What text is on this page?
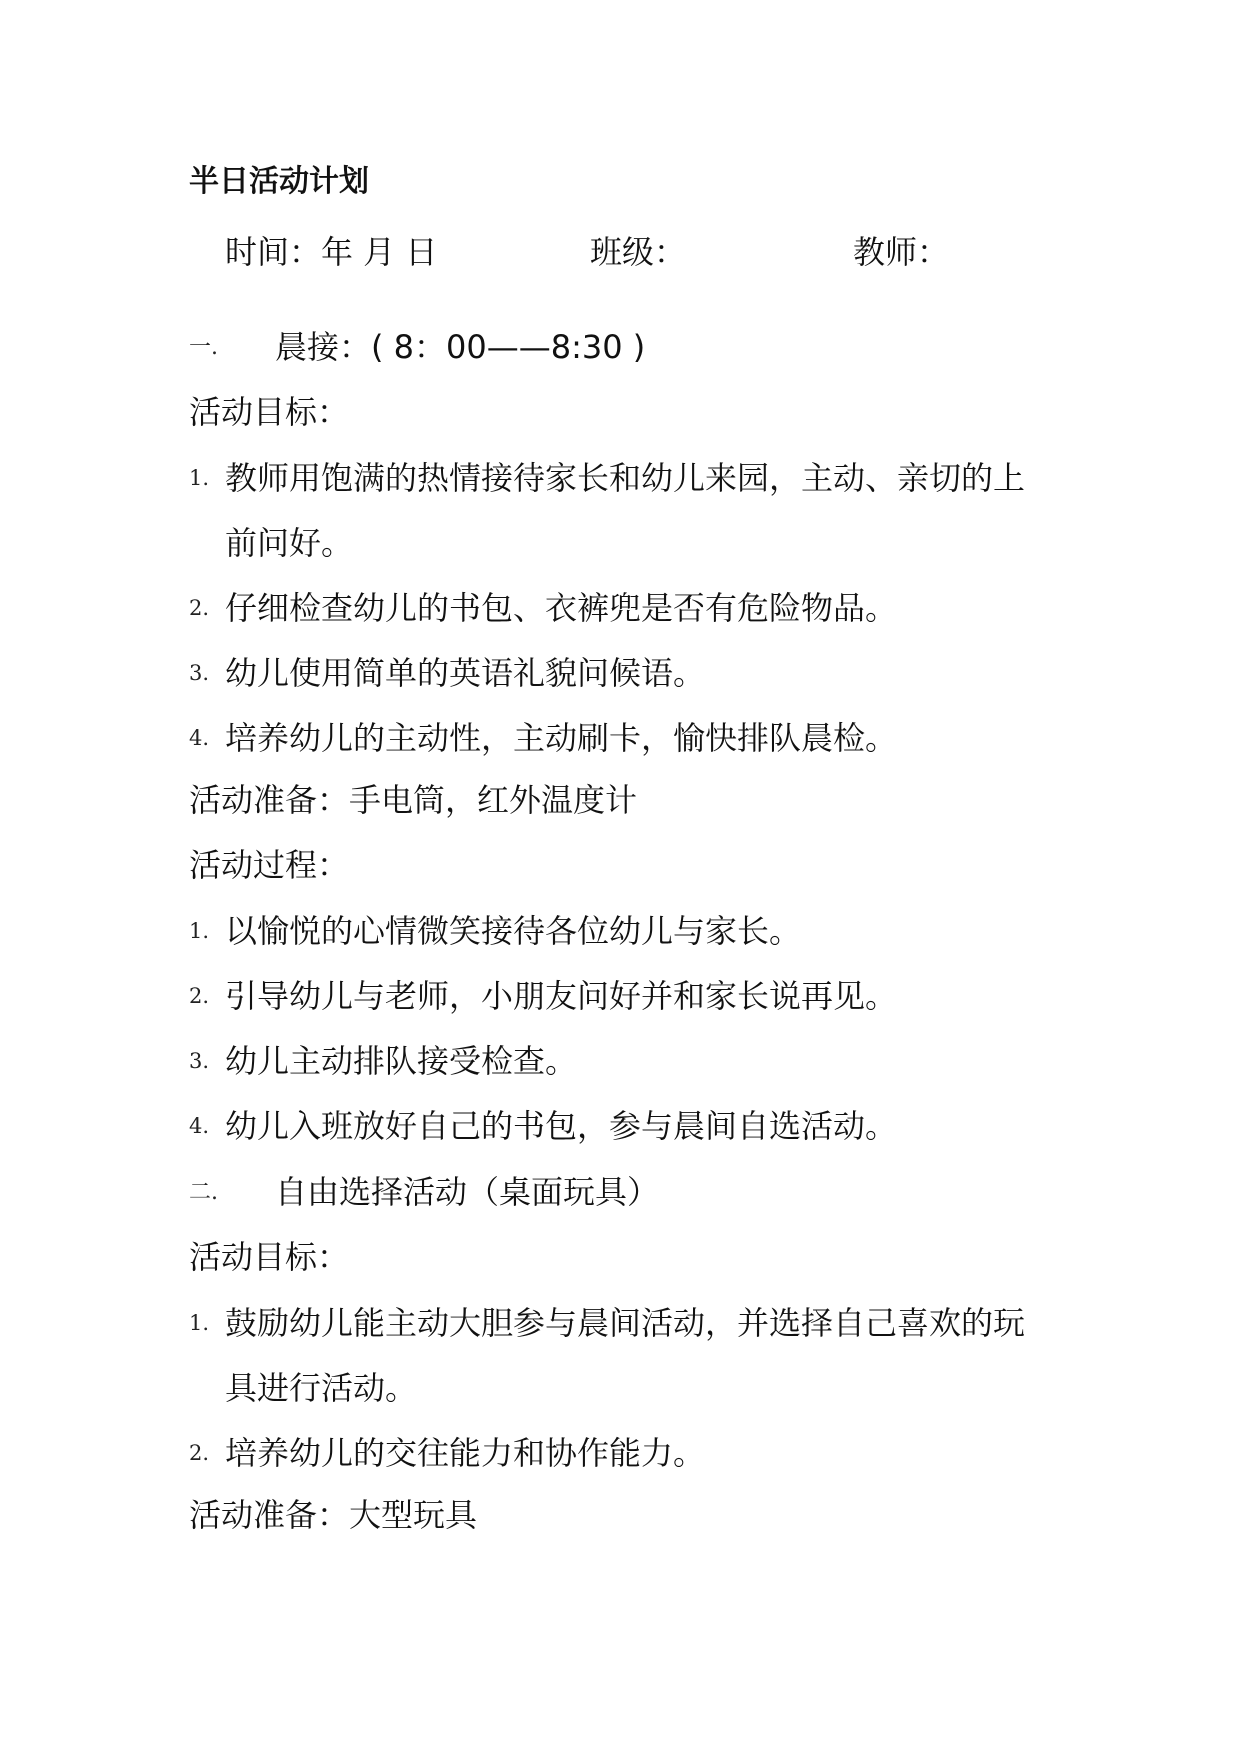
半日活动计划
时间：年 月 日	班级：	教师：
一. 晨接：( 8：00——8:30 )
活动目标：
1. 教师用饱满的热情接待家长和幼儿来园，主动、亲切的上前问好。
2. 仔细检查幼儿的书包、衣裤兜是否有危险物品。
3. 幼儿使用简单的英语礼貌问候语。
4. 培养幼儿的主动性，主动刷卡，愉快排队晨检。
活动准备：手电筒，红外温度计
活动过程：
1. 以愉悦的心情微笑接待各位幼儿与家长。
2. 引导幼儿与老师，小朋友问好并和家长说再见。
3. 幼儿主动排队接受检查。
4. 幼儿入班放好自己的书包，参与晨间自选活动。
二. 自由选择活动（桌面玩具）
活动目标：
1. 鼓励幼儿能主动大胆参与晨间活动，并选择自己喜欢的玩具进行活动。
2. 培养幼儿的交往能力和协作能力。
活动准备：大型玩具
